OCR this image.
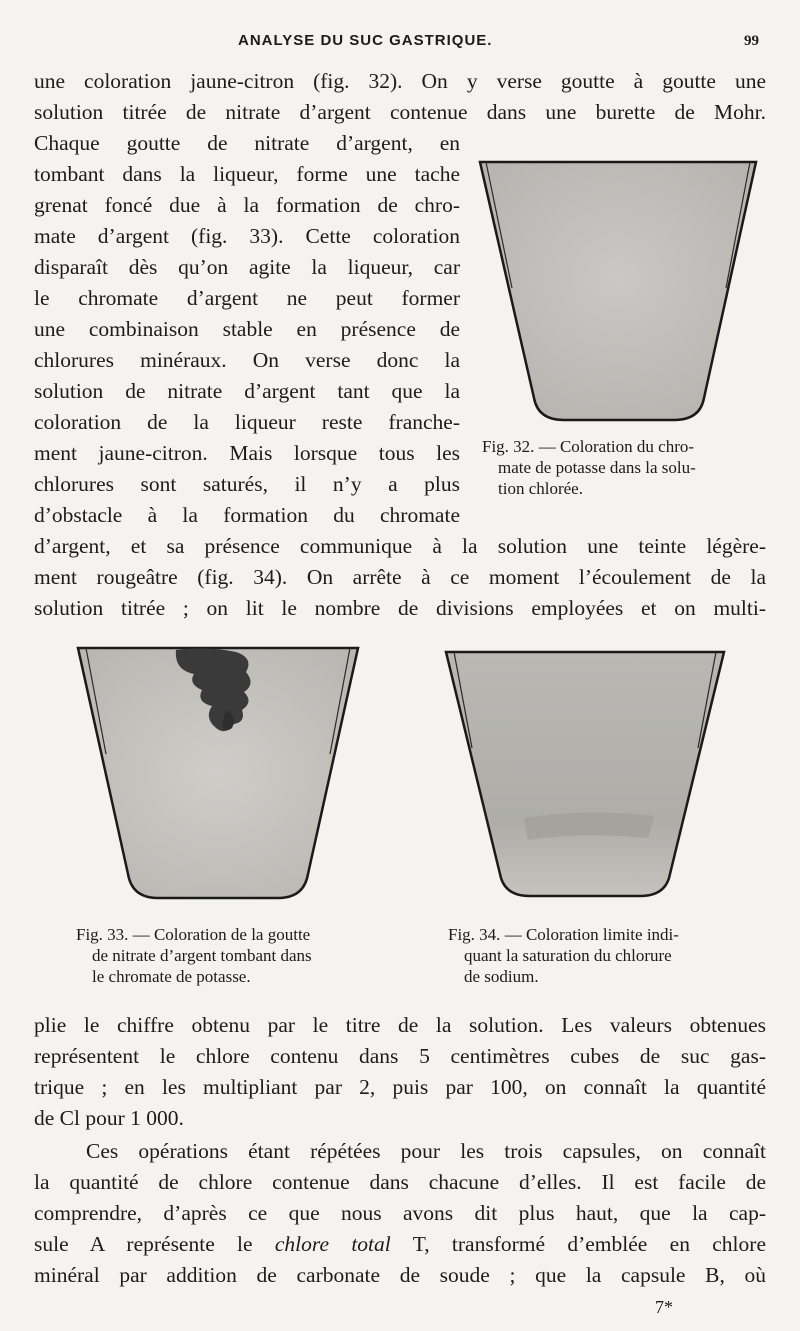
ANALYSE DU SUC GASTRIQUE.	99
une coloration jaune-citron (fig. 32). On y verse goutte à goutte une
solution titrée de nitrate d’argent contenue dans une burette de Mohr.

Chaque goutte de nitrate d’argent, en

tombant dans la liqueur, forme une tache

grenat foncé due à la formation de chro-

mate d’argent (fig. 33). Cette coloration

disparaît dès qu’on agite la liqueur, car

le chromate d’argent ne peut former

une combinaison stable en présence de

chlorures minéraux. On verse donc la

solution de nitrate d’argent tant que la

coloration de la liqueur reste franche-

ment jaune-citron. Mais lorsque tous les

chlorures sont saturés, il n’y a plus

d’obstacle à la formation du chromate

Fig. 32. — Coloration du chro-
mate de potasse dans la solu-
tion chlorée.

d’argent, et sa présence communique à la solution une teinte légère-

ment rougeâtre (fig. 34). On arrête à ce moment l’écoulement de la

solution titrée ; on lit le nombre de divisions employées et on multi-

Fig. 33. — Coloration de la goutte
de nitrate d’argent tombant dans
le chromate de potasse.
Fig. 34. — Coloration limite indi-
quant la saturation du chlorure
de sodium.

plie le chiffre obtenu par le titre de la solution. Les valeurs obtenues

représentent le chlore contenu dans 5 centimètres cubes de suc gas-

trique ; en les multipliant par 2, puis par 100, on connaît la quantité

de Cl pour 1 000.

Ces opérations étant répétées pour les trois capsules, on connaît

la quantité de chlore contenue dans chacune d’elles. Il est facile de

comprendre, d’après ce que nous avons dit plus haut, que la cap-

sule A représente le chlore total T, transformé d’emblée en chlore

minéral par addition de carbonate de soude ; que la capsule B, où

7*
